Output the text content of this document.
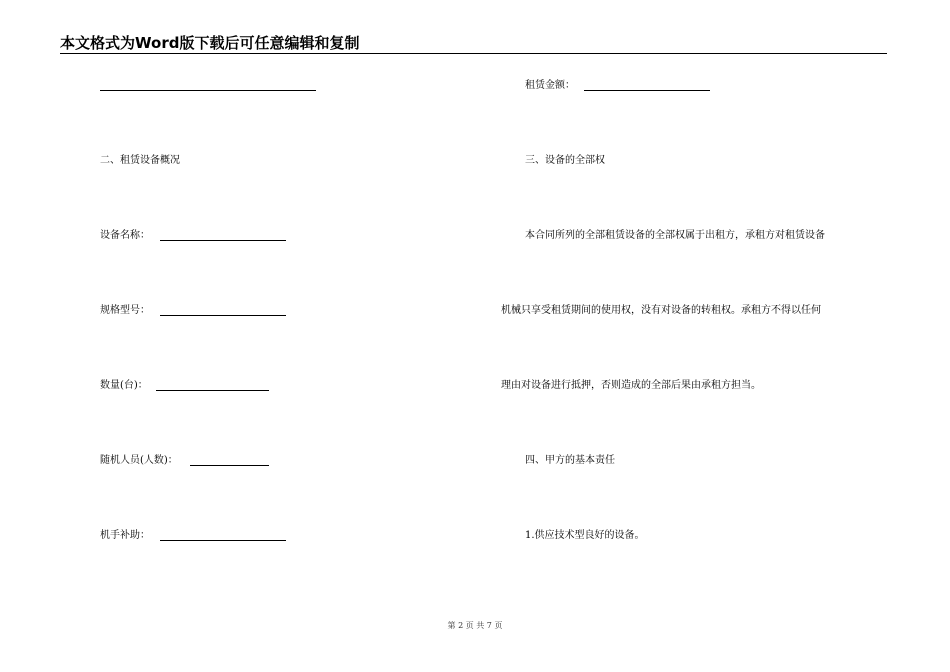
本文格式为Word版下载后可任意编辑和复制
二、租赁设备概况
设备名称：
规格型号：
数量(台)：
随机人员(人数)：
机手补助：
租赁金额：
三、设备的全部权
本合同所列的全部租赁设备的全部权属于出租方，承租方对租赁设备
机械只享受租赁期间的使用权，没有对设备的转租权。承租方不得以任何
理由对设备进行抵押，否则造成的全部后果由承租方担当。
四、甲方的基本责任
1.供应技术型良好的设备。
第 2 页 共 7 页
